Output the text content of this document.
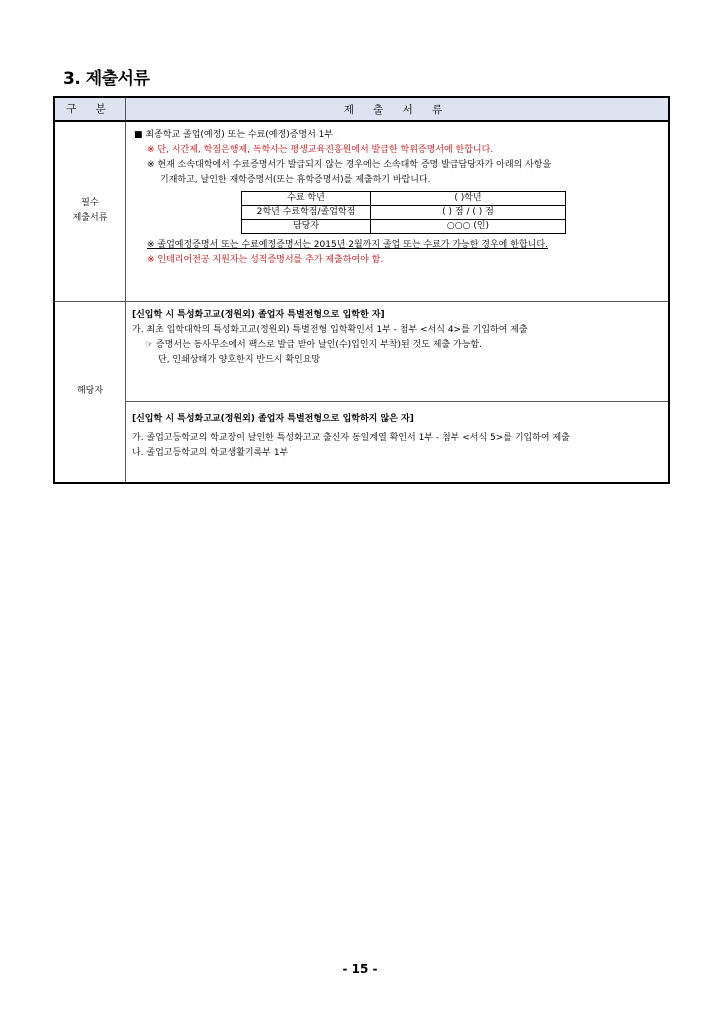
3. 제출서류
구 분	제 출 서 류

필수
제출서류

■ 최종학교 졸업(예정) 또는 수료(예정)증명서 1부
※ 단, 시간제, 학점은행제, 독학사는 평생교육진흥원에서 발급한 학위증명서에 한합니다.
※ 현재 소속대학에서 수료증명서가 발급되지 않는 경우에는 소속대학 증명 발급담당자가 아래의 사항을
기재하고, 날인한 재학증명서(또는 휴학증명서)를 제출하기 바랍니다.
수료 학년	( )학년
2학년 수료학점/졸업학점	( ) 점 / ( ) 점
담당자	○○○ (인)
※ 졸업예정증명서 또는 수료예정증명서는 2015년 2월까지 졸업 또는 수료가 가능한 경우에 한합니다.
※ 인테리어전공 지원자는 성적증명서를 추가 제출하여야 함.

해당자	
[신입학 시 특성화고교(정원외) 졸업자 특별전형으로 입학한 자]
가. 최초 입학대학의 특성화고교(정원외) 특별전형 입학확인서 1부 - 첨부 <서식 4>를 기입하여 제출
☞ 증명서는 동사무소에서 팩스로 발급 받아 날인(수)입인지 부착)된 것도 제출 가능함.
단, 인쇄상태가 양호한지 반드시 확인요망

[신입학 시 특성화고교(정원외) 졸업자 특별전형으로 입학하지 않은 자]
가. 졸업고등학교의 학교장이 날인한 특성화고교 출신자 동일계열 확인서 1부 - 첨부 <서식 5>를 기입하여 제출
나. 졸업고등학교의 학교생활기록부 1부
- 15 -
